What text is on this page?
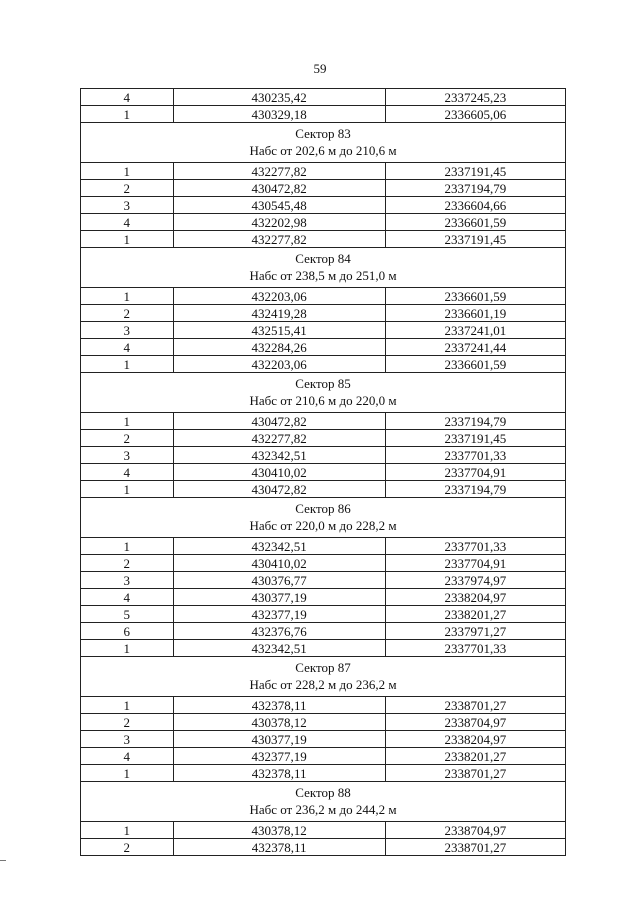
59
4	430235,42	2337245,23
1	430329,18	2336605,06

Сектор 83
Набс от 202,6 м до 210,6 м		

1	432277,82	2337191,45
2	430472,82	2337194,79
3	430545,48	2336604,66
4	432202,98	2336601,59
1	432277,82	2337191,45

Сектор 84
Набс от 238,5 м до 251,0 м		

1	432203,06	2336601,59
2	432419,28	2336601,19
3	432515,41	2337241,01
4	432284,26	2337241,44
1	432203,06	2336601,59

Сектор 85
Набс от 210,6 м до 220,0 м		

1	430472,82	2337194,79
2	432277,82	2337191,45
3	432342,51	2337701,33
4	430410,02	2337704,91
1	430472,82	2337194,79

Сектор 86
Набс от 220,0 м до 228,2 м		

1	432342,51	2337701,33
2	430410,02	2337704,91
3	430376,77	2337974,97
4	430377,19	2338204,97
5	432377,19	2338201,27
6	432376,76	2337971,27
1	432342,51	2337701,33

Сектор 87
Набс от 228,2 м до 236,2 м		

1	432378,11	2338701,27
2	430378,12	2338704,97
3	430377,19	2338204,97
4	432377,19	2338201,27
1	432378,11	2338701,27

Сектор 88
Набс от 236,2 м до 244,2 м		

1	430378,12	2338704,97
2	432378,11	2338701,27
